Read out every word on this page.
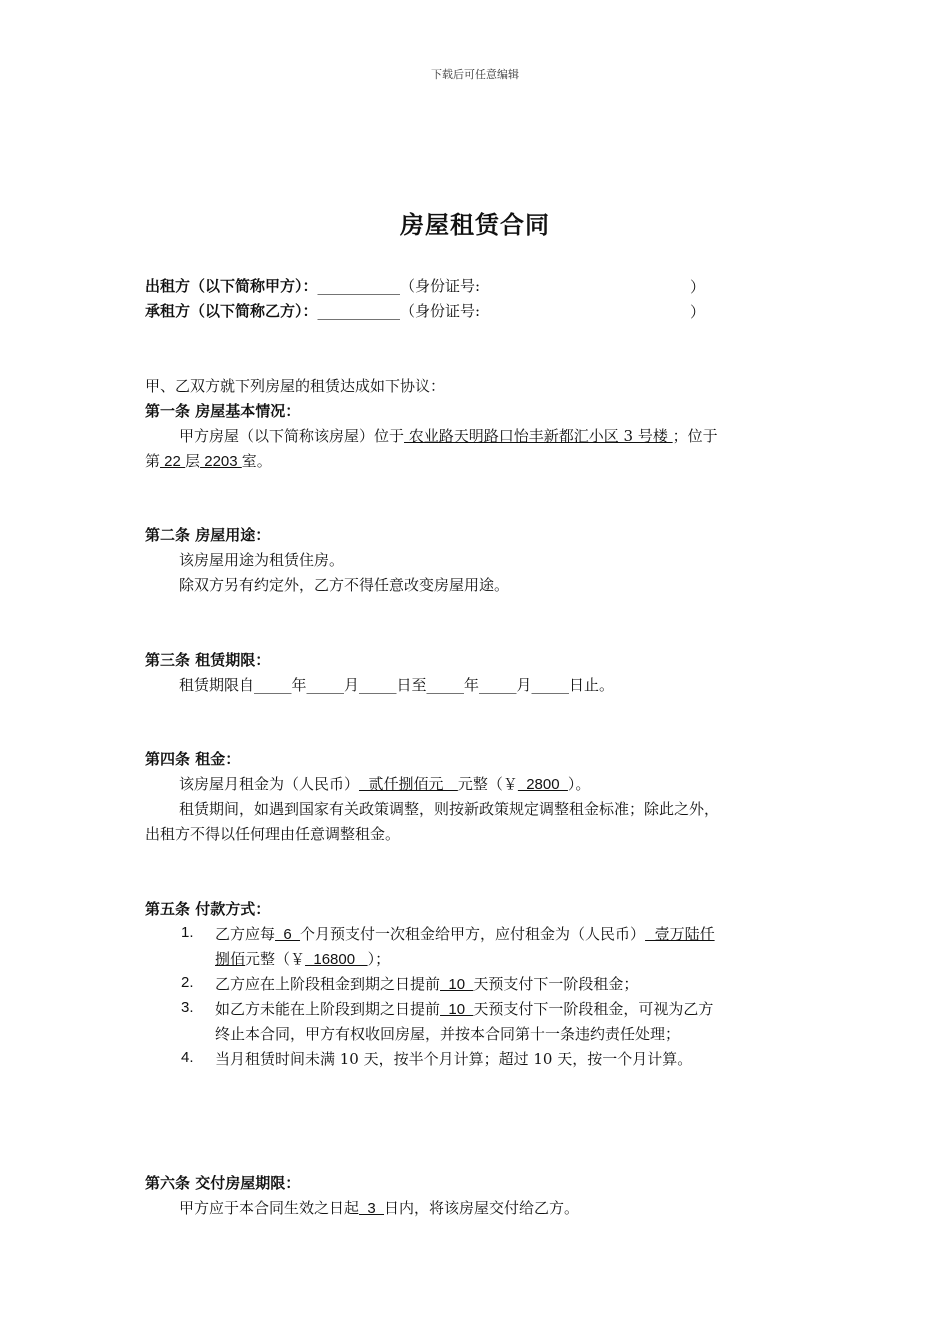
下载后可任意编辑
房屋租赁合同
出租方（以下简称甲方）：___________（身份证号:	）
承租方（以下简称乙方）：___________（身份证号:	）
甲、乙双方就下列房屋的租赁达成如下协议：
第一条 房屋基本情况：
甲方房屋（以下简称该房屋）位于 农业路天明路口怡丰新都汇小区 3 号楼 ；位于
第 22 层 2203 室。
第二条 房屋用途：
该房屋用途为租赁住房。
除双方另有约定外，乙方不得任意改变房屋用途。
第三条 租赁期限：
租赁期限自_____年_____月_____日至_____年_____月_____日止。
第四条 租金：
该房屋月租金为（人民币）  贰仟捌佰元   元整（￥  2800  ）。
租赁期间，如遇到国家有关政策调整，则按新政策规定调整租金标准；除此之外，
出租方不得以任何理由任意调整租金。
第五条 付款方式：
1. 乙方应每  6  个月预支付一次租金给甲方，应付租金为（人民币）  壹万陆仟
捌佰元整（￥  16800   ）；
2. 乙方应在上阶段租金到期之日提前  10  天预支付下一阶段租金；
3. 如乙方未能在上阶段到期之日提前  10  天预支付下一阶段租金，可视为乙方
终止本合同，甲方有权收回房屋，并按本合同第十一条违约责任处理；
4. 当月租赁时间未满 10 天，按半个月计算；超过 10 天，按一个月计算。
第六条 交付房屋期限：
甲方应于本合同生效之日起  3  日内，将该房屋交付给乙方。
